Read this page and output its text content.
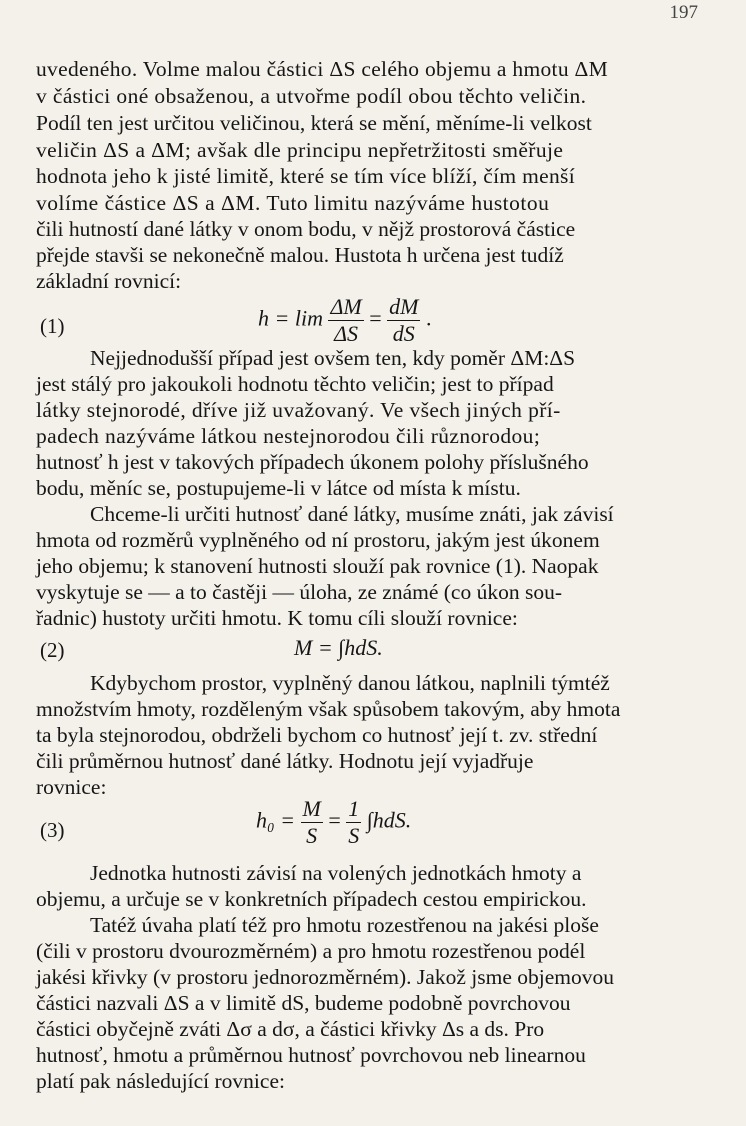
197
uvedeného. Volme malou částici ΔS celého objemu a hmotu ΔM
v částici oné obsaženou, a utvořme podíl obou těchto veličin.
Podíl ten jest určitou veličinou, která se mění, měníme-li velkost
veličin ΔS a ΔM; avšak dle principu nepřetržitosti směřuje
hodnota jeho k jisté limitě, které se tím více blíží, čím menší
volíme částice ΔS a ΔM. Tuto limitu nazýváme hustotou
čili hutností dané látky v onom bodu, v nějž prostorová částice
přejde stavši se nekonečně malou. Hustota h určena jest tudíž
základní rovnicí:
(1)	$h = \lim \frac{\Delta M}{\Delta S} = \frac{dM}{dS}$ .
Nejjednodušší případ jest ovšem ten, kdy poměr ΔM:ΔS
jest stálý pro jakoukoli hodnotu těchto veličin; jest to případ
látky stejnorodé, dříve již uvažovaný. Ve všech jiných pří-
padech nazýváme látkou nestejnorodou čili různorodou;
hutnosť h jest v takových případech úkonem polohy příslušného
bodu, měníc se, postupujeme-li v látce od místa k místu.
Chceme-li určiti hutnosť dané látky, musíme znáti, jak závisí
hmota od rozměrů vyplněného od ní prostoru, jakým jest úkonem
jeho objemu; k stanovení hutnosti slouží pak rovnice (1). Naopak
vyskytuje se — a to častěji — úloha, ze známé (co úkon sou-
řadnic) hustoty určiti hmotu. K tomu cíli slouží rovnice:
(2)	M = ∫hdS.
Kdybychom prostor, vyplněný danou látkou, naplnili týmtéž
množstvím hmoty, rozděleným však spůsobem takovým, aby hmota
ta byla stejnorodou, obdrželi bychom co hutnosť její t. zv. střední
čili průměrnou hutnosť dané látky. Hodnotu její vyjadřuje
rovnice:
(3)	$h_0 = \frac{M}{S} = \frac{1}{S} \int hdS$.
Jednotka hutnosti závisí na volených jednotkách hmoty a
objemu, a určuje se v konkretních případech cestou empirickou.
Tatéž úvaha platí též pro hmotu rozestřenou na jakési ploše
(čili v prostoru dvourozměrném) a pro hmotu rozestřenou podél
jakési křivky (v prostoru jednorozměrném). Jakož jsme objemovou
částici nazvali ΔS a v limitě dS, budeme podobně povrchovou
částici obyčejně zváti Δσ a dσ, a částici křivky Δs a ds. Pro
hutnosť, hmotu a průměrnou hutnosť povrchovou neb linearnou
platí pak následující rovnice:
